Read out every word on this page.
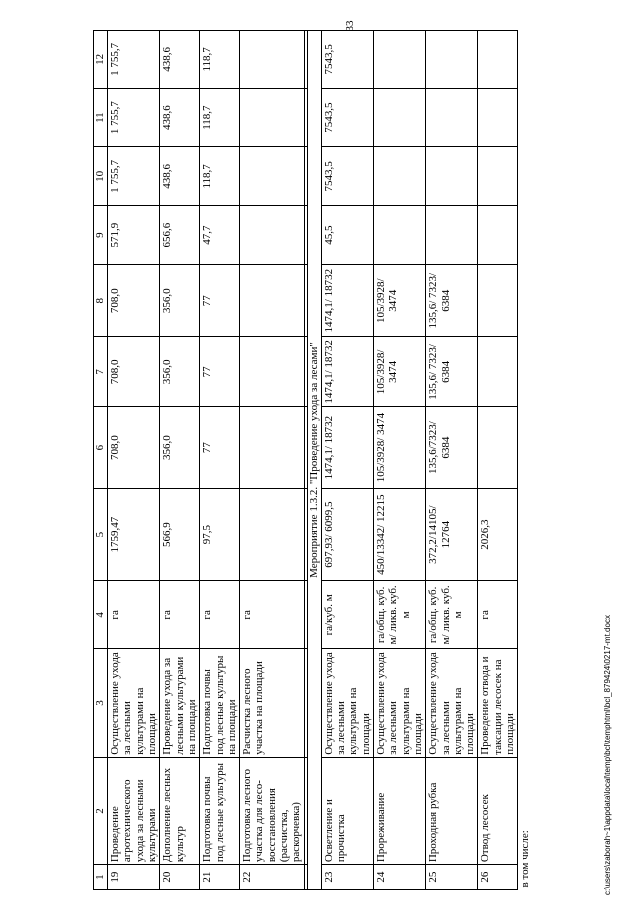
33
1	2	3	4	5	6	7	8	9	10	11	12
19	Проведение агротехнического ухода за лесными культурами	Осуществление ухода за лесными культурами на площади	га	1759,47	708,0	708,0	708,0	571,9	1 755,7	1 755,7	1 755,7
20	Дополнение лесных культур	Проведение ухода за лесными культурами на площади	га	566,9	356,0	356,0	356,0	656,6	438,6	438,6	438,6
21	Подготовка почвы под лесные культуры	Подготовка почвы под лесные культуры на площади	га	97,5	77	77	77	47,7	118,7	118,7	118,7
22	Подготовка лесного участка для лесо-восстановления (расчистка, раскорчевка)	Расчистка лесного участка на площади	га								

Мероприятие 1.3.2. "Проведение ухода за лесами"											
23	Осветление и прочистка	Осуществление ухода за лесными культурами на площади	га/куб. м	697,93/ 6099,5	1474,1/ 18732	1474,1/ 18732	1474,1/ 18732	45,5	7543,5	7543,5	7543,5
24	Прореживание	Осуществление ухода за лесными культурами на площади	га/общ. куб. м/ ликв. куб. м	450/13342/ 12215	105/3928/ 3474	105/3928/ 3474	105/3928/ 3474				
25	Проходная рубка	Осуществление ухода за лесными культурами на площади	га/общ. куб. м/ ликв. куб. м	372,2/14105/ 12764	135,6/7323/ 6384	135,6/ 7323/ 6384	135,6/ 7323/ 6384				
26	Отвод лесосек	Проведение отвода и таксации лесосек на площади	га	2026,3							
в том числе:												c:\users\zaborah~1\appdata\local\temp\bcl\temphtml\bcl_879424\0217-mt.docx
